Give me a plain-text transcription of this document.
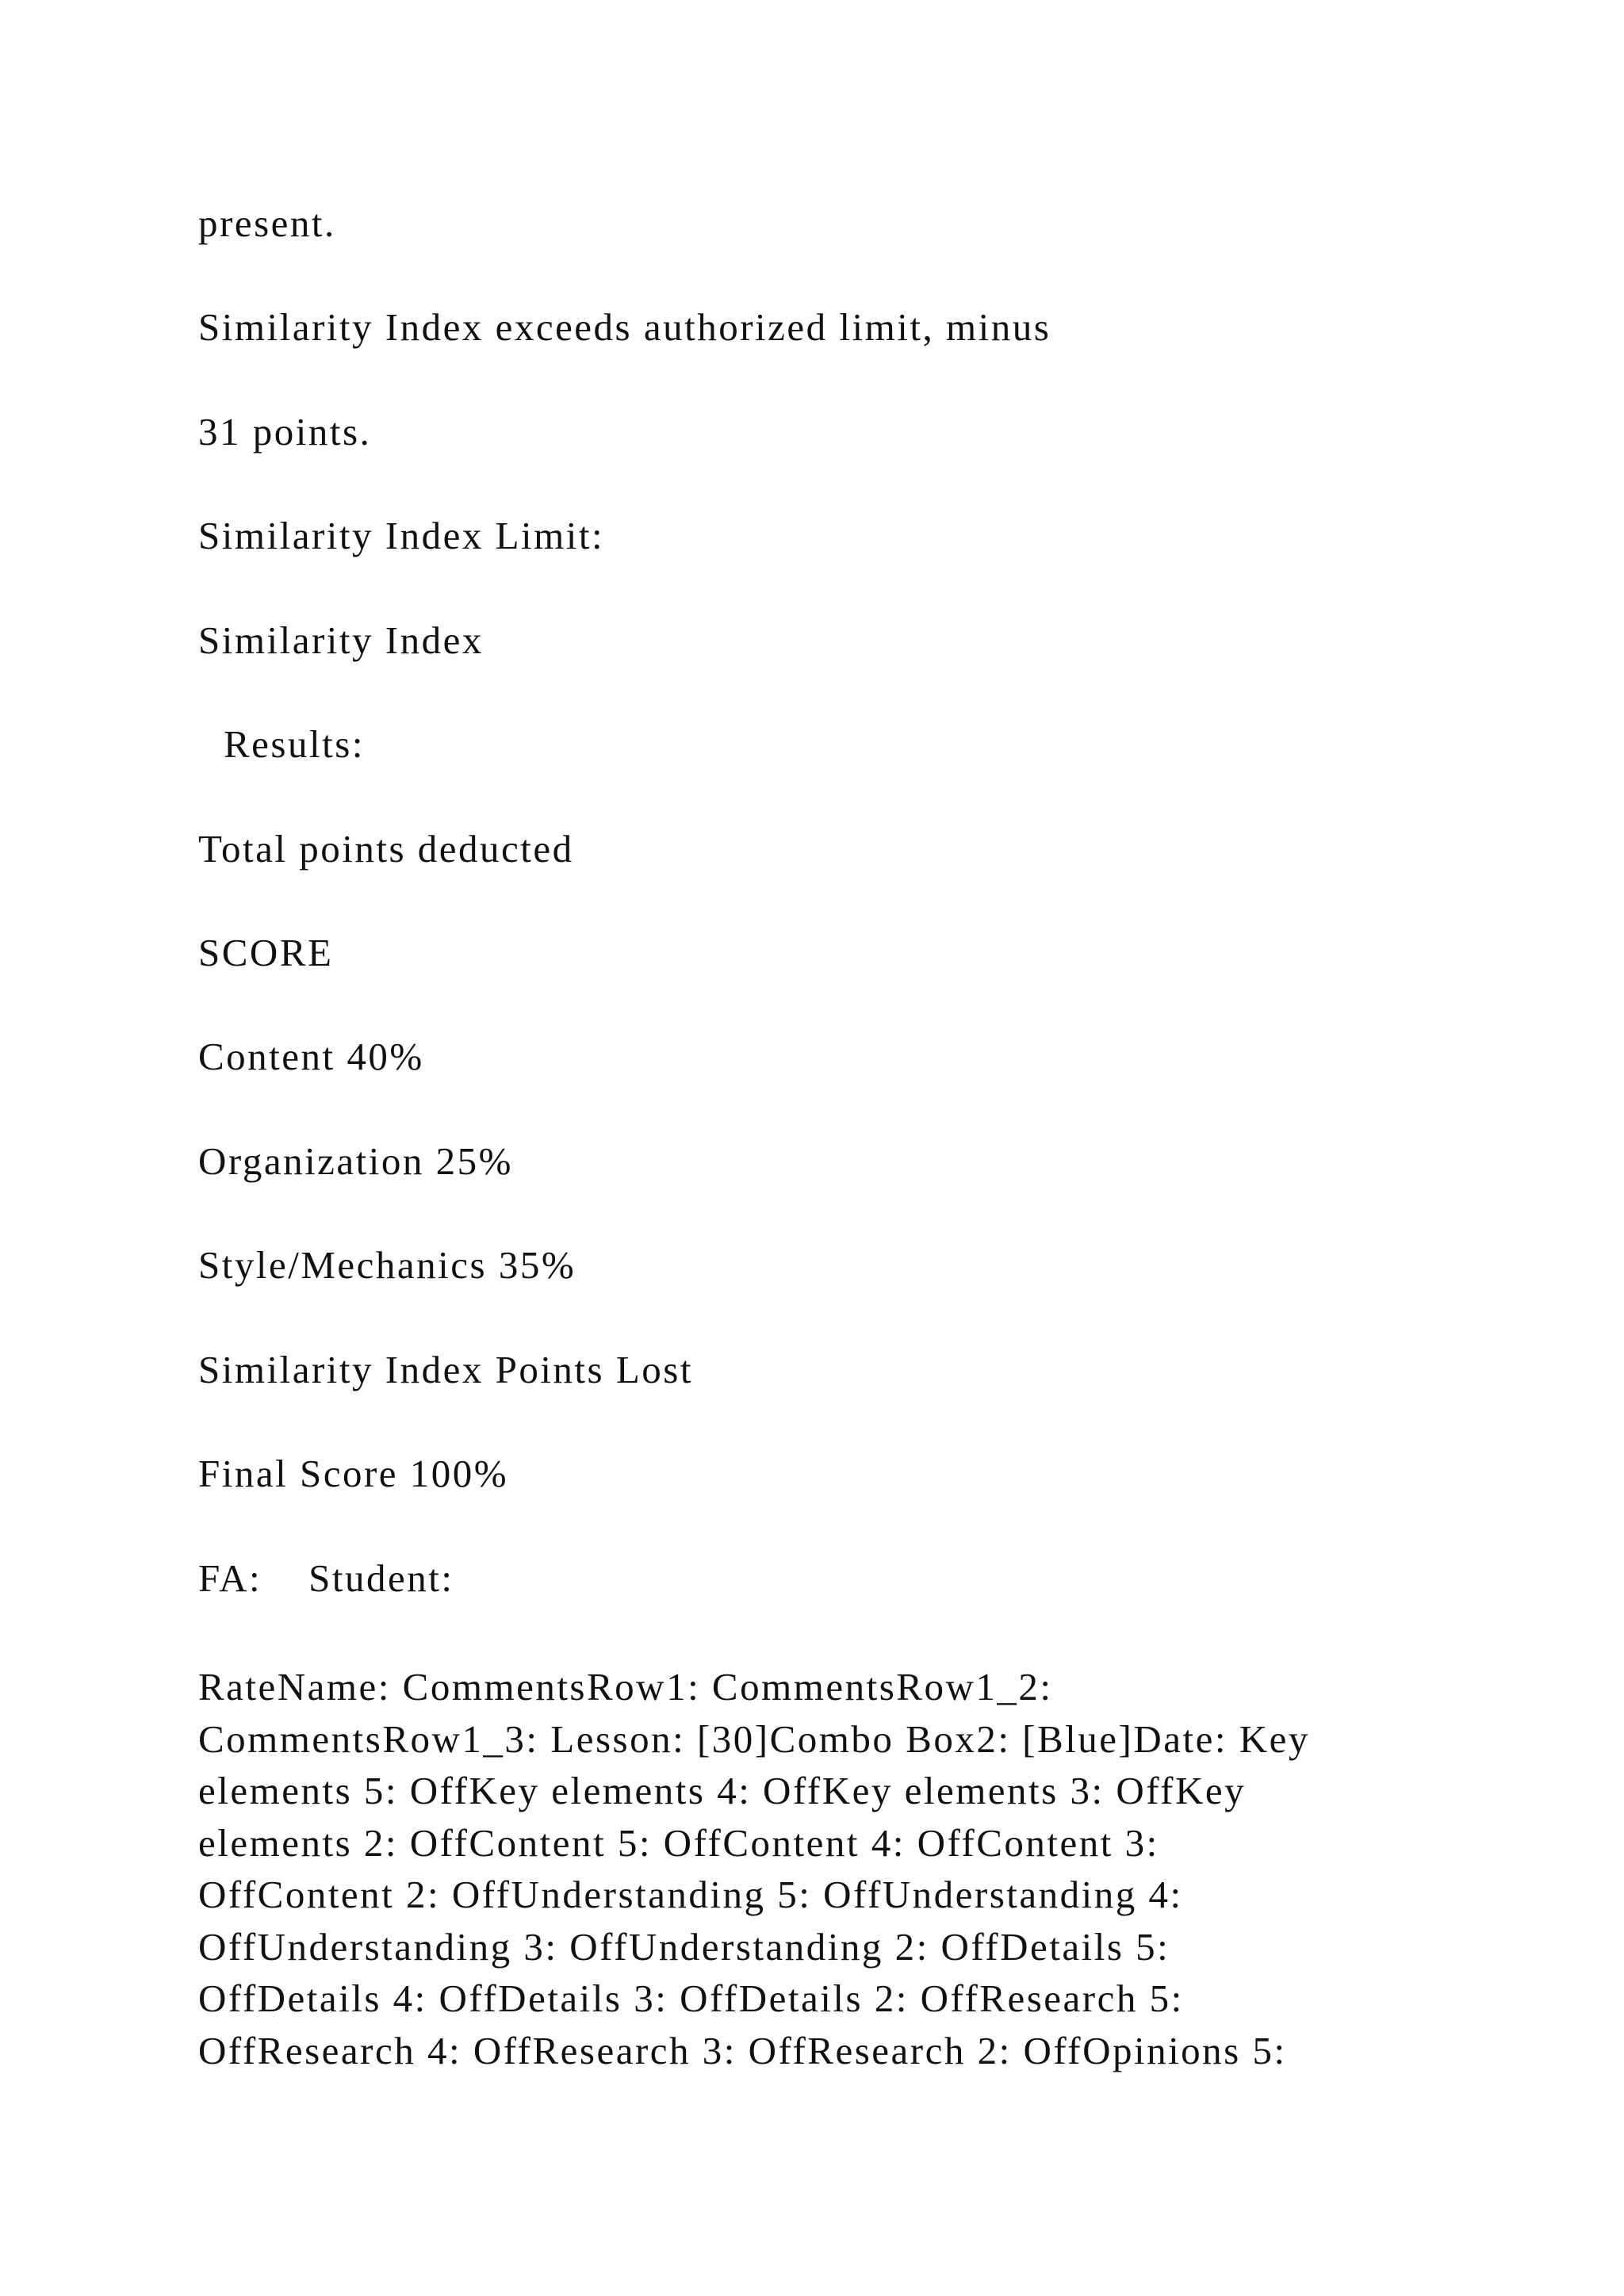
present.
Similarity Index exceeds authorized limit, minus
31 points.
Similarity Index Limit:
Similarity Index
Results:
Total points deducted
SCORE
Content 40%
Organization 25%
Style/Mechanics 35%
Similarity Index Points Lost
Final Score 100%
FA:    Student:
RateName: CommentsRow1: CommentsRow1_2:
CommentsRow1_3: Lesson: [30]Combo Box2: [Blue]Date: Key
elements 5: OffKey elements 4: OffKey elements 3: OffKey
elements 2: OffContent 5: OffContent 4: OffContent 3:
OffContent 2: OffUnderstanding 5: OffUnderstanding 4:
OffUnderstanding 3: OffUnderstanding 2: OffDetails 5:
OffDetails 4: OffDetails 3: OffDetails 2: OffResearch 5:
OffResearch 4: OffResearch 3: OffResearch 2: OffOpinions 5:
